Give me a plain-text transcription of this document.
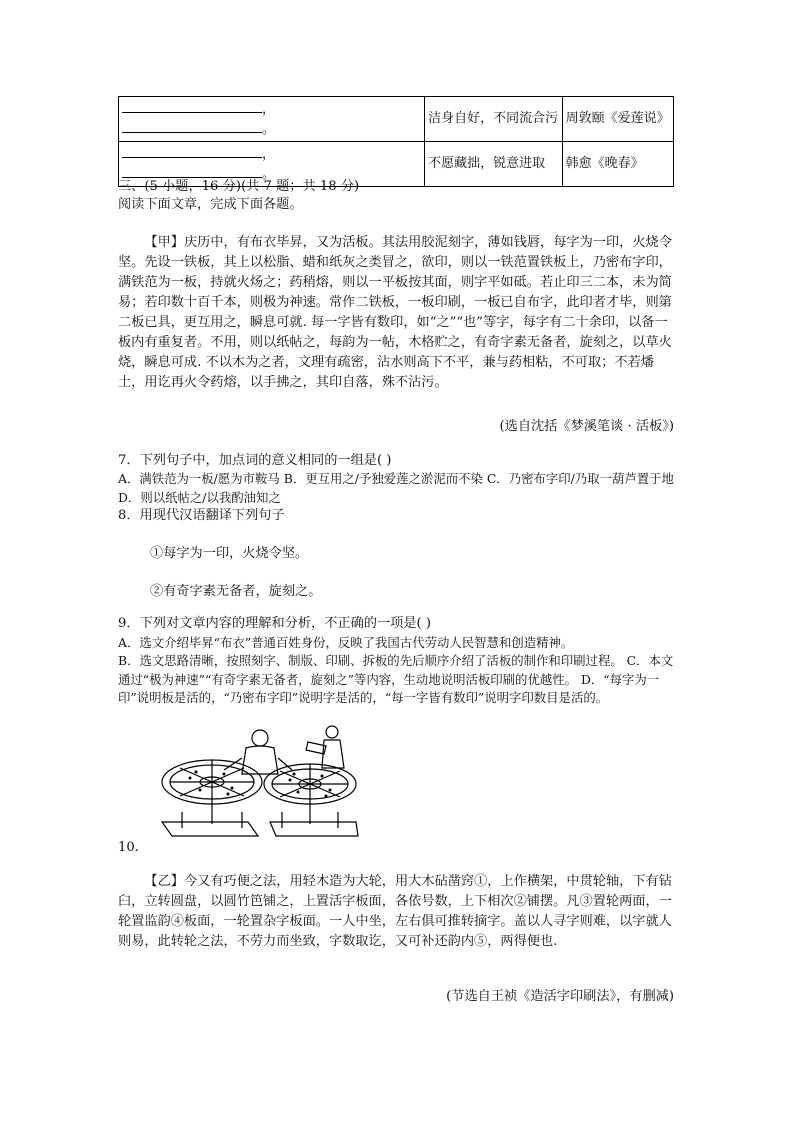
，
。	洁身自好，不同流合污	周敦颐《爱莲说》

，
。	不愿藏拙，锐意进取	韩愈《晚春》
三、(5 小题，16 分)(共 7 题；共 18 分)
阅读下面文章，完成下面各题。
【甲】庆历中，有布衣毕昇，又为活板。其法用胶泥刻字，薄如钱唇，每字为一印，火烧令坚。先设一铁板，其上以松脂、蜡和纸灰之类冒之，欲印，则以一铁范置铁板上，乃密布字印，满铁范为一板，持就火炀之；药稍熔，则以一平板按其面，则字平如砥。若止印三二本，未为简易；若印数十百千本，则极为神速。常作二铁板，一板印刷，一板已自布字，此印者才毕，则第二板已具，更互用之，瞬息可就. 每一字皆有数印，如“之”“也”等字，每字有二十余印，以备一板内有重复者。不用，则以纸帖之，每韵为一帖，木格贮之，有奇字素无备者，旋刻之，以草火烧，瞬息可成. 不以木为之者，文理有疏密，沾水则高下不平，兼与药相粘，不可取；不若燔土，用讫再火令药熔，以手拂之，其印自落，殊不沾污。
(选自沈括《梦溪笔谈 · 活板》)
7．下列句子中，加点词的意义相同的一组是( )
A．满铁范为一板/愿为市鞍马 B．更互用之/予独爱莲之淤泥而不染 C．乃密布字印/乃取一葫芦置于地 D．则以纸帖之/以我酌油知之
8．用现代汉语翻译下列句子
①每字为一印，火烧令坚。
②有奇字素无备者，旋刻之。
9．下列对文章内容的理解和分析，不正确的一项是( )
A．选文介绍毕昇“布衣”普通百姓身份，反映了我国古代劳动人民智慧和创造精神。
B．选文思路清晰，按照刻字、制版、印刷、拆板的先后顺序介绍了活板的制作和印刷过程。 C．本文通过“极为神速”“有奇字素无备者，旋刻之”等内容，生动地说明活板印刷的优越性。 D．“每字为一印”说明板是活的，“乃密布字印”说明字是活的，“每一字皆有数印”说明字印数目是活的。
10.
【乙】今又有巧便之法，用轻木造为大轮，用大木砧凿窍①，上作横架，中贯轮轴，下有钻臼，立转圆盘，以圆竹笆铺之，上置活字板面，各依号数，上下相次②铺摆。凡③置轮两面，一轮置监韵④板面，一轮置杂字板面。一人中坐，左右俱可推转摘字。盖以人寻字则难，以字就人则易，此转轮之法，不劳力而坐致，字数取讫，又可补还韵内⑤，两得便也.
(节选自王祯《造活字印刷法》，有删减)
